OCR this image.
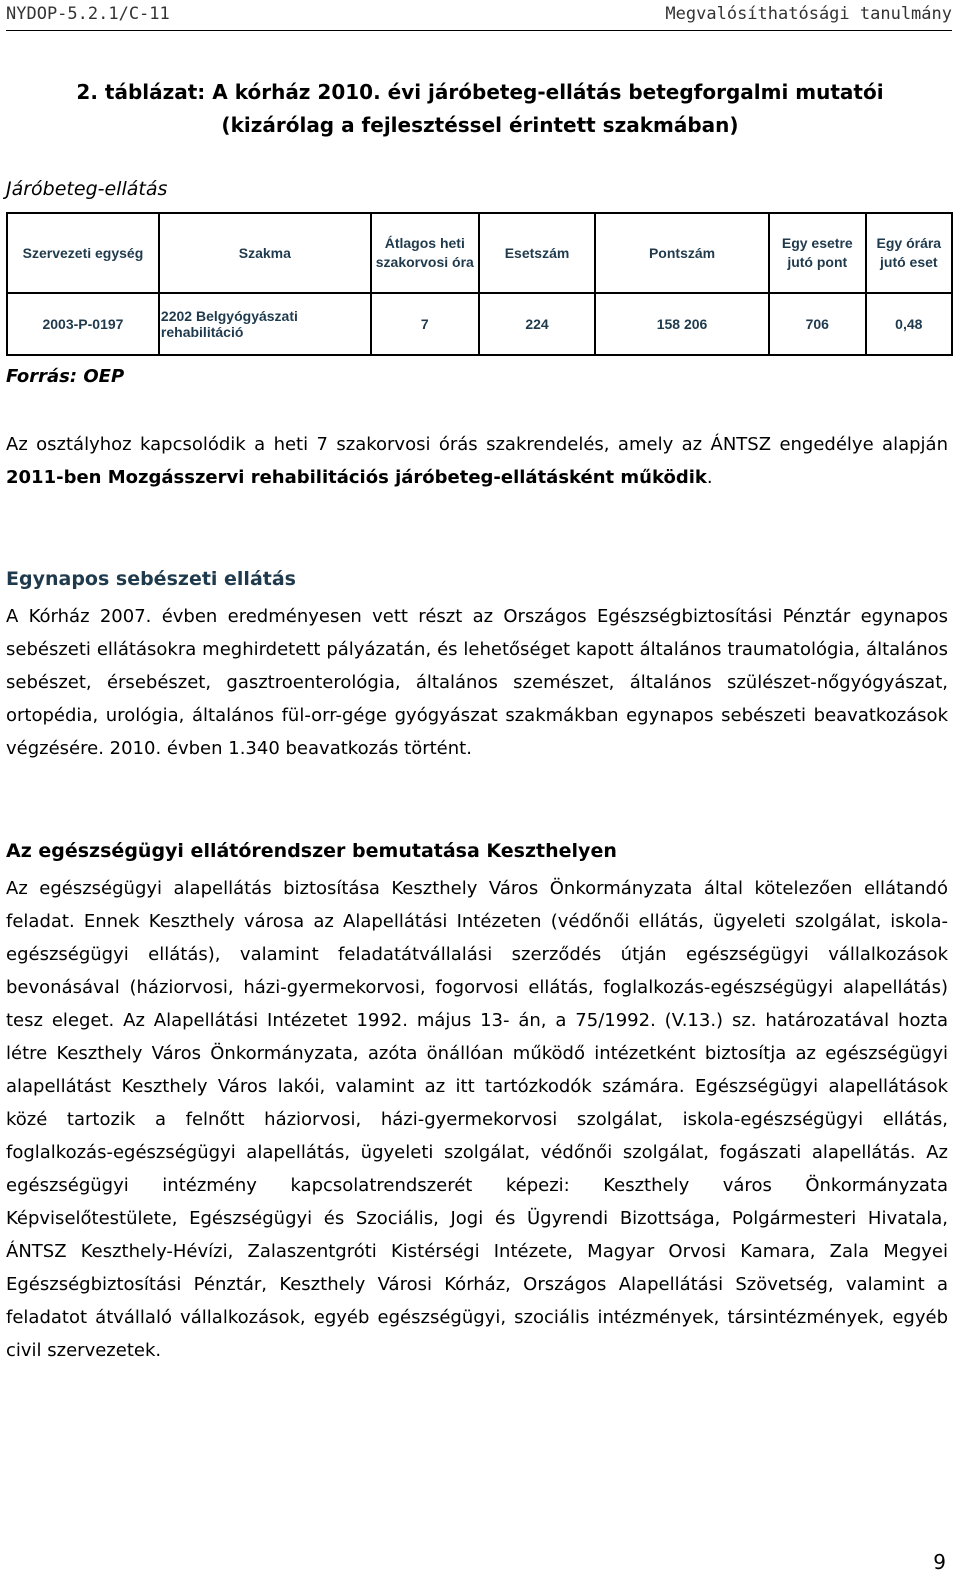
NYDOP-5.2.1/C-11	Megvalósíthatósági tanulmány
2. táblázat: A kórház 2010. évi járóbeteg-ellátás betegforgalmi mutatói
(kizárólag a fejlesztéssel érintett szakmában)
Járóbeteg-ellátás
Szervezeti egység	Szakma	Átlagos heti szakorvosi óra	Esetszám	Pontszám	Egy esetre jutó pont	Egy órára jutó eset
2003-P-0197	2202 Belgyógyászati rehabilitáció	7	224	158 206	706	0,48
Forrás: OEP

Az osztályhoz kapcsolódik a heti 7 szakorvosi órás szakrendelés, amely az ÁNTSZ engedélye alapján 2011-ben Mozgásszervi rehabilitációs járóbeteg-ellátásként működik.

Egynapos sebészeti ellátás

A Kórház 2007. évben eredményesen vett részt az Országos Egészségbiztosítási Pénztár egynapos sebészeti ellátásokra meghirdetett pályázatán, és lehetőséget kapott általános traumatológia, általános sebészet, érsebészet, gasztroenterológia, általános szemészet, általános szülészet-nőgyógyászat, ortopédia, urológia, általános fül-orr-gége gyógyászat szakmákban egynapos sebészeti beavatkozások végzésére. 2010. évben 1.340 beavatkozás történt.

Az egészségügyi ellátórendszer bemutatása Keszthelyen

Az egészségügyi alapellátás biztosítása Keszthely Város Önkormányzata által kötelezően ellátandó feladat. Ennek Keszthely városa az Alapellátási Intézeten (védőnői ellátás, ügyeleti szolgálat, iskola-egészségügyi ellátás), valamint feladatátvállalási szerződés útján egészségügyi vállalkozások bevonásával (háziorvosi, házi-gyermekorvosi, fogorvosi ellátás, foglalkozás-egészségügyi alapellátás) tesz eleget. Az Alapellátási Intézetet 1992. május 13- án, a 75/1992. (V.13.) sz. határozatával hozta létre Keszthely Város Önkormányzata, azóta önállóan működő intézetként biztosítja az egészségügyi alapellátást Keszthely Város lakói, valamint az itt tartózkodók számára. Egészségügyi alapellátások közé tartozik a felnőtt háziorvosi, házi-gyermekorvosi szolgálat, iskola-egészségügyi ellátás, foglalkozás-egészségügyi alapellátás, ügyeleti szolgálat, védőnői szolgálat, fogászati alapellátás. Az egészségügyi intézmény kapcsolatrendszerét képezi: Keszthely város Önkormányzata Képviselőtestülete, Egészségügyi és Szociális, Jogi és Ügyrendi Bizottsága, Polgármesteri Hivatala, ÁNTSZ Keszthely-Hévízi, Zalaszentgróti Kistérségi Intézete, Magyar Orvosi Kamara, Zala Megyei Egészségbiztosítási Pénztár, Keszthely Városi Kórház, Országos Alapellátási Szövetség, valamint a feladatot átvállaló vállalkozások, egyéb egészségügyi, szociális intézmények, társintézmények, egyéb civil szervezetek.

9
